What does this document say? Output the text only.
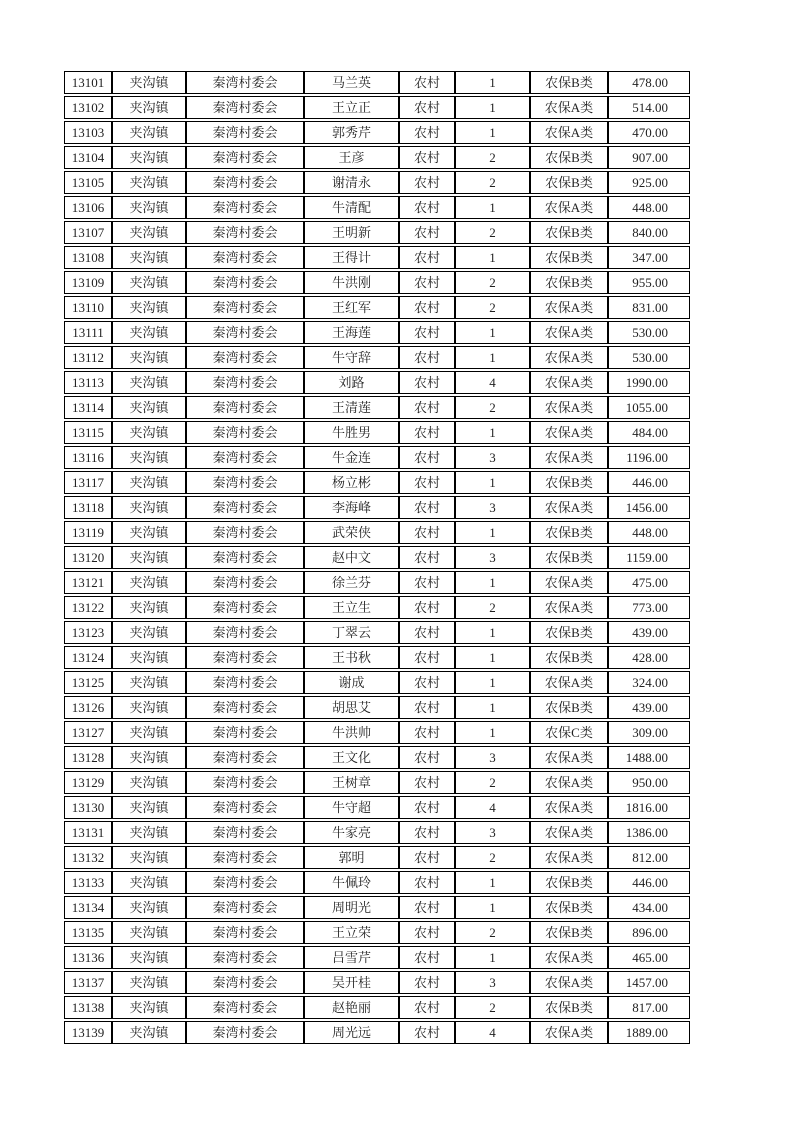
13101	夹沟镇	秦湾村委会	马兰英	农村	1	农保B类	478.00
13102	夹沟镇	秦湾村委会	王立正	农村	1	农保A类	514.00
13103	夹沟镇	秦湾村委会	郭秀芹	农村	1	农保A类	470.00
13104	夹沟镇	秦湾村委会	王彦	农村	2	农保B类	907.00
13105	夹沟镇	秦湾村委会	谢清永	农村	2	农保B类	925.00
13106	夹沟镇	秦湾村委会	牛清配	农村	1	农保A类	448.00
13107	夹沟镇	秦湾村委会	王明新	农村	2	农保B类	840.00
13108	夹沟镇	秦湾村委会	王得计	农村	1	农保B类	347.00
13109	夹沟镇	秦湾村委会	牛洪刚	农村	2	农保B类	955.00
13110	夹沟镇	秦湾村委会	王红军	农村	2	农保A类	831.00
13111	夹沟镇	秦湾村委会	王海莲	农村	1	农保A类	530.00
13112	夹沟镇	秦湾村委会	牛守辞	农村	1	农保A类	530.00
13113	夹沟镇	秦湾村委会	刘路	农村	4	农保A类	1990.00
13114	夹沟镇	秦湾村委会	王清莲	农村	2	农保A类	1055.00
13115	夹沟镇	秦湾村委会	牛胜男	农村	1	农保A类	484.00
13116	夹沟镇	秦湾村委会	牛金连	农村	3	农保A类	1196.00
13117	夹沟镇	秦湾村委会	杨立彬	农村	1	农保B类	446.00
13118	夹沟镇	秦湾村委会	李海峰	农村	3	农保A类	1456.00
13119	夹沟镇	秦湾村委会	武荣侠	农村	1	农保B类	448.00
13120	夹沟镇	秦湾村委会	赵中文	农村	3	农保B类	1159.00
13121	夹沟镇	秦湾村委会	徐兰芬	农村	1	农保A类	475.00
13122	夹沟镇	秦湾村委会	王立生	农村	2	农保A类	773.00
13123	夹沟镇	秦湾村委会	丁翠云	农村	1	农保B类	439.00
13124	夹沟镇	秦湾村委会	王书秋	农村	1	农保B类	428.00
13125	夹沟镇	秦湾村委会	谢成	农村	1	农保A类	324.00
13126	夹沟镇	秦湾村委会	胡思艾	农村	1	农保B类	439.00
13127	夹沟镇	秦湾村委会	牛洪帅	农村	1	农保C类	309.00
13128	夹沟镇	秦湾村委会	王文化	农村	3	农保A类	1488.00
13129	夹沟镇	秦湾村委会	王树章	农村	2	农保A类	950.00
13130	夹沟镇	秦湾村委会	牛守超	农村	4	农保A类	1816.00
13131	夹沟镇	秦湾村委会	牛家亮	农村	3	农保A类	1386.00
13132	夹沟镇	秦湾村委会	郭明	农村	2	农保A类	812.00
13133	夹沟镇	秦湾村委会	牛佩玲	农村	1	农保B类	446.00
13134	夹沟镇	秦湾村委会	周明光	农村	1	农保B类	434.00
13135	夹沟镇	秦湾村委会	王立荣	农村	2	农保B类	896.00
13136	夹沟镇	秦湾村委会	吕雪芹	农村	1	农保A类	465.00
13137	夹沟镇	秦湾村委会	吴开桂	农村	3	农保A类	1457.00
13138	夹沟镇	秦湾村委会	赵艳丽	农村	2	农保B类	817.00
13139	夹沟镇	秦湾村委会	周光远	农村	4	农保A类	1889.00
